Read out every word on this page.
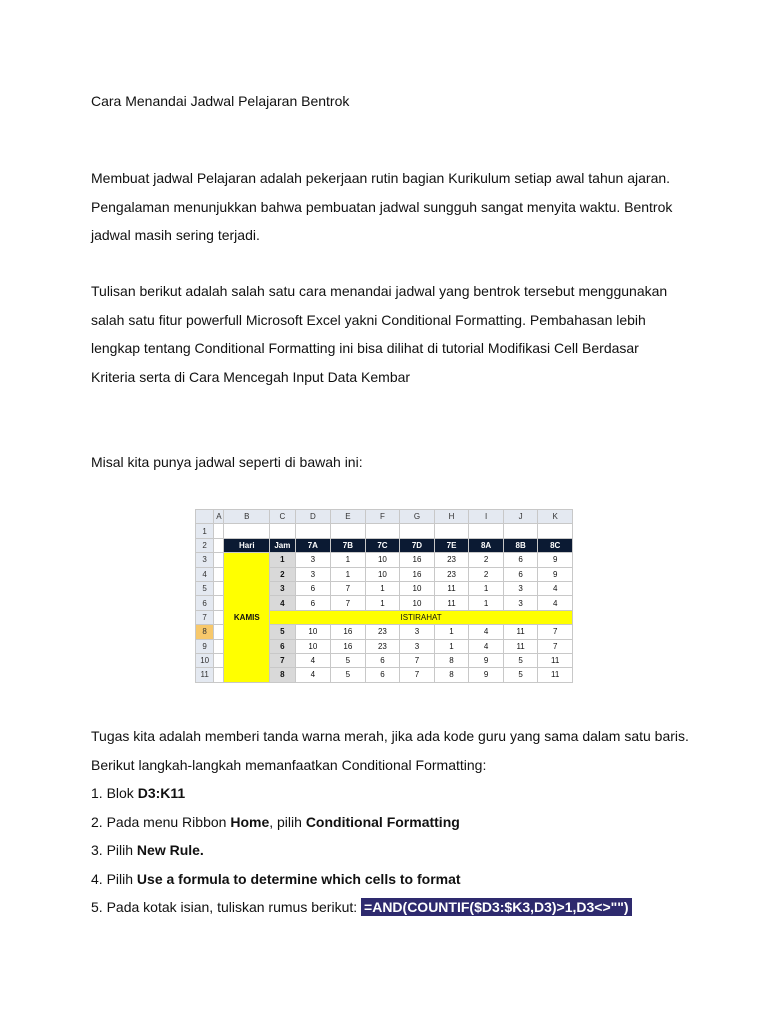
Cara Menandai Jadwal Pelajaran Bentrok

Membuat jadwal Pelajaran adalah pekerjaan rutin bagian Kurikulum setiap awal tahun ajaran.
Pengalaman menunjukkan bahwa pembuatan jadwal sungguh sangat menyita waktu. Bentrok
jadwal masih sering terjadi.
Tulisan berikut adalah salah satu cara menandai jadwal yang bentrok tersebut menggunakan
salah satu fitur powerfull Microsoft Excel yakni Conditional Formatting. Pembahasan lebih
lengkap tentang Conditional Formatting ini bisa dilihat di tutorial Modifikasi Cell Berdasar
Kriteria serta di Cara Mencegah Input Data Kembar
Misal kita punya jadwal seperti di bawah ini:
	A	B	C	D	E	F	G	H	I	J	K
1											
2		Hari	Jam	7A	7B	7C	7D	7E	8A	8B	8C
3		KAMIS	1	3	1	10	16	23	2	6	9
4			2	3	1	10	16	23	2	6	9
5			3	6	7	1	10	11	1	3	4
6			4	6	7	1	10	11	1	3	4
7			ISTIRAHAT								
8			5	10	16	23	3	1	4	11	7
9			6	10	16	23	3	1	4	11	7
10			7	4	5	6	7	8	9	5	11
11			8	4	5	6	7	8	9	5	11
Tugas kita adalah memberi tanda warna merah, jika ada kode guru yang sama dalam satu baris.
Berikut langkah-langkah memanfaatkan Conditional Formatting:
1. Blok D3:K11
2. Pada menu Ribbon Home, pilih Conditional Formatting
3. Pilih New Rule.
4. Pilih Use a formula to determine which cells to format
5. Pada kotak isian, tuliskan rumus berikut: =AND(COUNTIF($D3:$K3,D3)>1,D3<>"")
